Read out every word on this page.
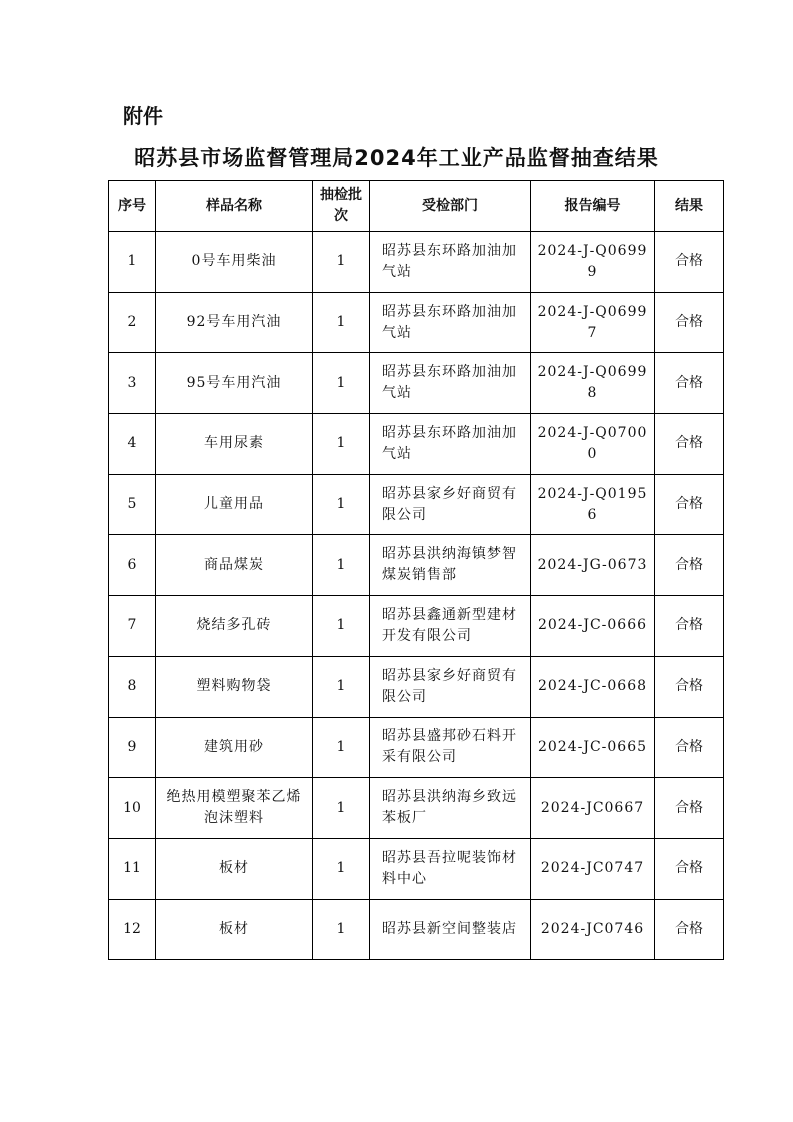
附件
昭苏县市场监督管理局2024年工业产品监督抽查结果
序号	样品名称	抽检批次	受检部门	报告编号	结果
1	0号车用柴油	1	昭苏县东环路加油加气站	2024-J-Q06999	合格
2	92号车用汽油	1	昭苏县东环路加油加气站	2024-J-Q06997	合格
3	95号车用汽油	1	昭苏县东环路加油加气站	2024-J-Q06998	合格
4	车用尿素	1	昭苏县东环路加油加气站	2024-J-Q07000	合格
5	儿童用品	1	昭苏县家乡好商贸有限公司	2024-J-Q01956	合格
6	商品煤炭	1	昭苏县洪纳海镇梦智煤炭销售部	2024-JG-0673	合格
7	烧结多孔砖	1	昭苏县鑫通新型建材开发有限公司	2024-JC-0666	合格
8	塑料购物袋	1	昭苏县家乡好商贸有限公司	2024-JC-0668	合格
9	建筑用砂	1	昭苏县盛邦砂石料开采有限公司	2024-JC-0665	合格
10	绝热用模塑聚苯乙烯泡沫塑料	1	昭苏县洪纳海乡致远苯板厂	2024-JC0667	合格
11	板材	1	昭苏县吾拉呢装饰材料中心	2024-JC0747	合格
12	板材	1	昭苏县新空间整装店	2024-JC0746	合格
